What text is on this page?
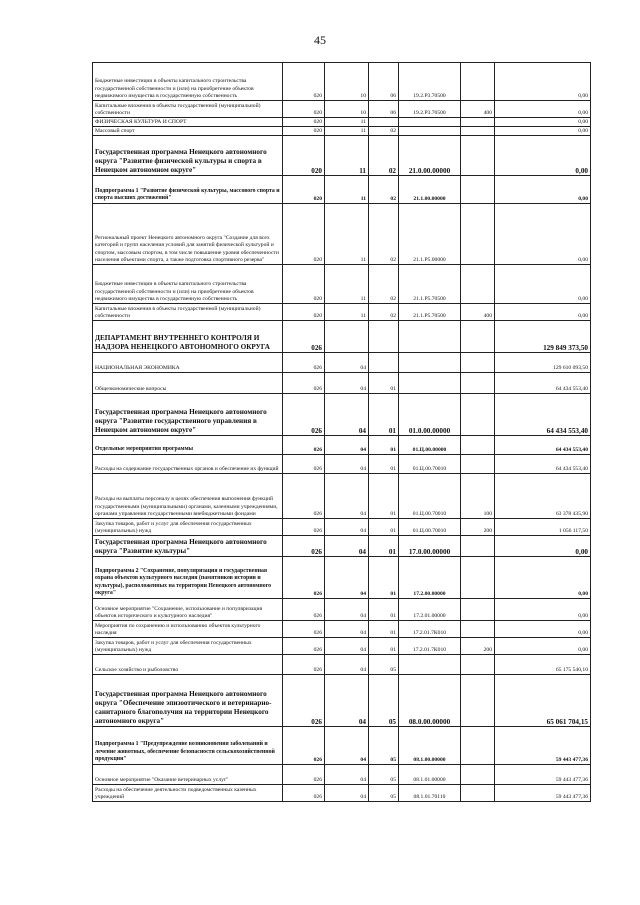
45
Бюджетные инвестиции в объекты капитального строительства государственной собственности и (или) на приобретение объектов недвижимого имущества в государственную собственность	020	10	06	19.2.Р3.70500		0,00
Капитальные вложения в объекты государственной (муниципальной) собственности	020	10	06	19.2.Р3.70500	400	0,00
ФИЗИЧЕСКАЯ КУЛЬТУРА И СПОРТ	020	11				0,00
Массовый спорт	020	11	02			0,00
Государственная программа Ненецкого автономного округа "Развитие физической культуры и спорта в Ненецком автономном округе"	020	11	02	21.0.00.00000		0,00
Подпрограмма 1 "Развитие физической культуры, массового спорта и спорта высших достижений"	020	11	02	21.1.00.00000		0,00
Региональный проект Ненецкого автономного округа "Создание для всех категорий и групп населения условий для занятий физической культурой и спортом, массовым спортом, в том числе повышение уровня обеспеченности населения объектами спорта, а также подготовка спортивного резерва"	020	11	02	21.1.Р5.00000		0,00
Бюджетные инвестиции в объекты капитального строительства государственной собственности и (или) на приобретение объектов недвижимого имущества в государственную собственность	020	11	02	21.1.Р5.70500		0,00
Капитальные вложения в объекты государственной (муниципальной) собственности	020	11	02	21.1.Р5.70500	400	0,00
ДЕПАРТАМЕНТ ВНУТРЕННЕГО КОНТРОЛЯ И НАДЗОРА НЕНЕЦКОГО АВТОНОМНОГО ОКРУГА	026					129 849 373,50
НАЦИОНАЛЬНАЯ ЭКОНОМИКА	026	04				129 610 093,50
Общеэкономические вопросы	026	04	01			64 434 553,40
Государственная программа Ненецкого автономного округа "Развитие государственного управления в Ненецком автономном округе"	026	04	01	01.0.00.00000		64 434 553,40
Отдельные мероприятия программы	026	04	01	01.Ц.00.00000		64 434 553,40
Расходы на содержание государственных органов и обеспечение их функций	026	04	01	01.Ц.00.70010		64 434 553,40
Расходы на выплаты персоналу в целях обеспечения выполнения функций государственными (муниципальными) органами, казенными учреждениями, органами управления государственными внебюджетными фондами	026	04	01	01.Ц.00.70010	100	63 378 435,90
Закупка товаров, работ и услуг для обеспечения государственных (муниципальных) нужд	026	04	01	01.Ц.00.70010	200	1 056 117,50
Государственная программа Ненецкого автономного округа "Развитие культуры"	026	04	01	17.0.00.00000		0,00
Подпрограмма 2 "Сохранение, популяризация и государственная охрана объектов культурного наследия (памятников истории и культуры), расположенных на территории Ненецкого автономного округа"	026	04	01	17.2.00.00000		0,00
Основное мероприятие "Сохранение, использование и популяризация объектов исторического и культурного наследия"	026	04	01	17.2.01.00000		0,00
Мероприятия по сохранению и использованию объектов культурного наследия	026	04	01	17.2.01.7К010		0,00
Закупка товаров, работ и услуг для обеспечения государственных (муниципальных) нужд	026	04	01	17.2.01.7К010	200	0,00
Сельское хозяйство и рыболовство	026	04	05			65 175 540,10
Государственная программа Ненецкого автономного округа "Обеспечение эпизоотического и ветеринарно-санитарного благополучия на территории Ненецкого автономного округа"	026	04	05	08.0.00.00000		65 061 704,15
Подпрограмма 1 "Предупреждение возникновения заболеваний и лечение животных, обеспечение безопасности сельскохозяйственной продукции"	026	04	05	08.1.00.00000		59 443 477,36
Основное мероприятие "Оказание ветеринарных услуг"	026	04	05	08.1.01.00000		59 443 477,36
Расходы на обеспечение деятельности подведомственных казенных учреждений	026	04	05	08.1.01.70110		59 443 477,36
